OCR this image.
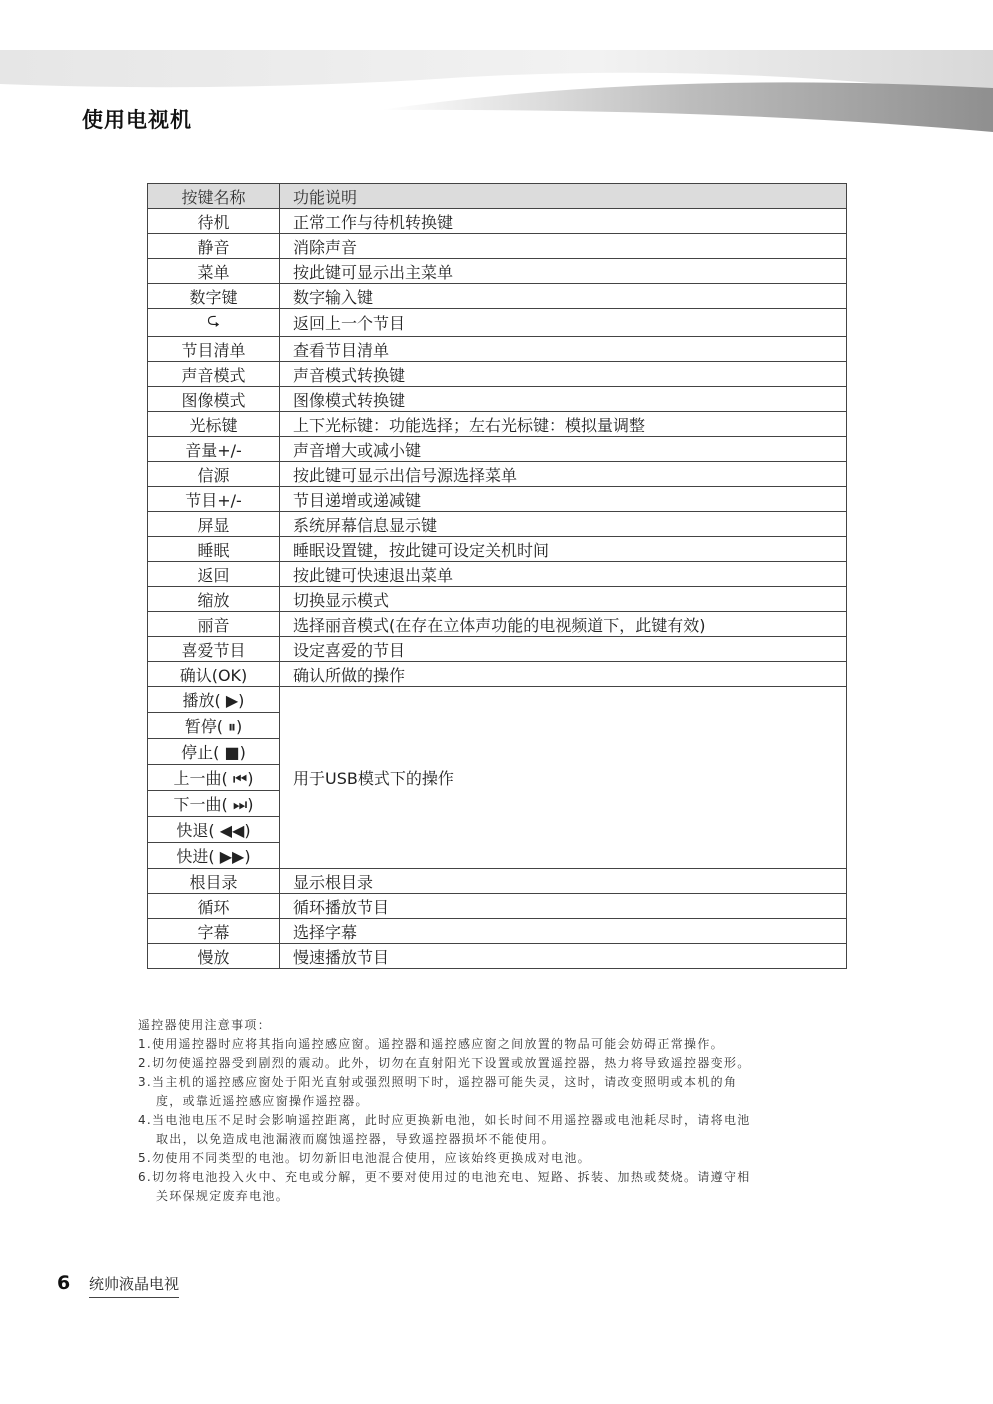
使用电视机
按键名称	功能说明
待机	正常工作与待机转换键
静音	消除声音
菜单	按此键可显示出主菜单
数字键	数字输入键
⮎	返回上一个节目
节目清单	查看节目清单
声音模式	声音模式转换键
图像模式	图像模式转换键
光标键	上下光标键：功能选择；左右光标键：模拟量调整
音量+/-	声音增大或减小键
信源	按此键可显示出信号源选择菜单
节目+/-	节目递增或递减键
屏显	系统屏幕信息显示键
睡眠	睡眠设置键，按此键可设定关机时间
返回	按此键可快速退出菜单
缩放	切换显示模式
丽音	选择丽音模式(在存在立体声功能的电视频道下，此键有效)
喜爱节目	设定喜爱的节目
确认(OK)	确认所做的操作
播放( ▶)	用于USB模式下的操作
暂停( ⏸)	
停止( ■)	
上一曲( ⏮)	
下一曲( ⏭)	
快退( ◀◀)	
快进( ▶▶)	
根目录	显示根目录
循环	循环播放节目
字幕	选择字幕
慢放	慢速播放节目
遥控器使用注意事项：
1.使用遥控器时应将其指向遥控感应窗。遥控器和遥控感应窗之间放置的物品可能会妨碍正常操作。
2.切勿使遥控器受到剧烈的震动。此外，切勿在直射阳光下设置或放置遥控器，热力将导致遥控器变形。
3.当主机的遥控感应窗处于阳光直射或强烈照明下时，遥控器可能失灵，这时，请改变照明或本机的角度，或靠近遥控感应窗操作遥控器。
4.当电池电压不足时会影响遥控距离，此时应更换新电池，如长时间不用遥控器或电池耗尽时，请将电池取出，以免造成电池漏液而腐蚀遥控器，导致遥控器损坏不能使用。
5.勿使用不同类型的电池。切勿新旧电池混合使用，应该始终更换成对电池。
6.切勿将电池投入火中、充电或分解，更不要对使用过的电池充电、短路、拆装、加热或焚烧。请遵守相关环保规定废弃电池。
6 统帅液晶电视
